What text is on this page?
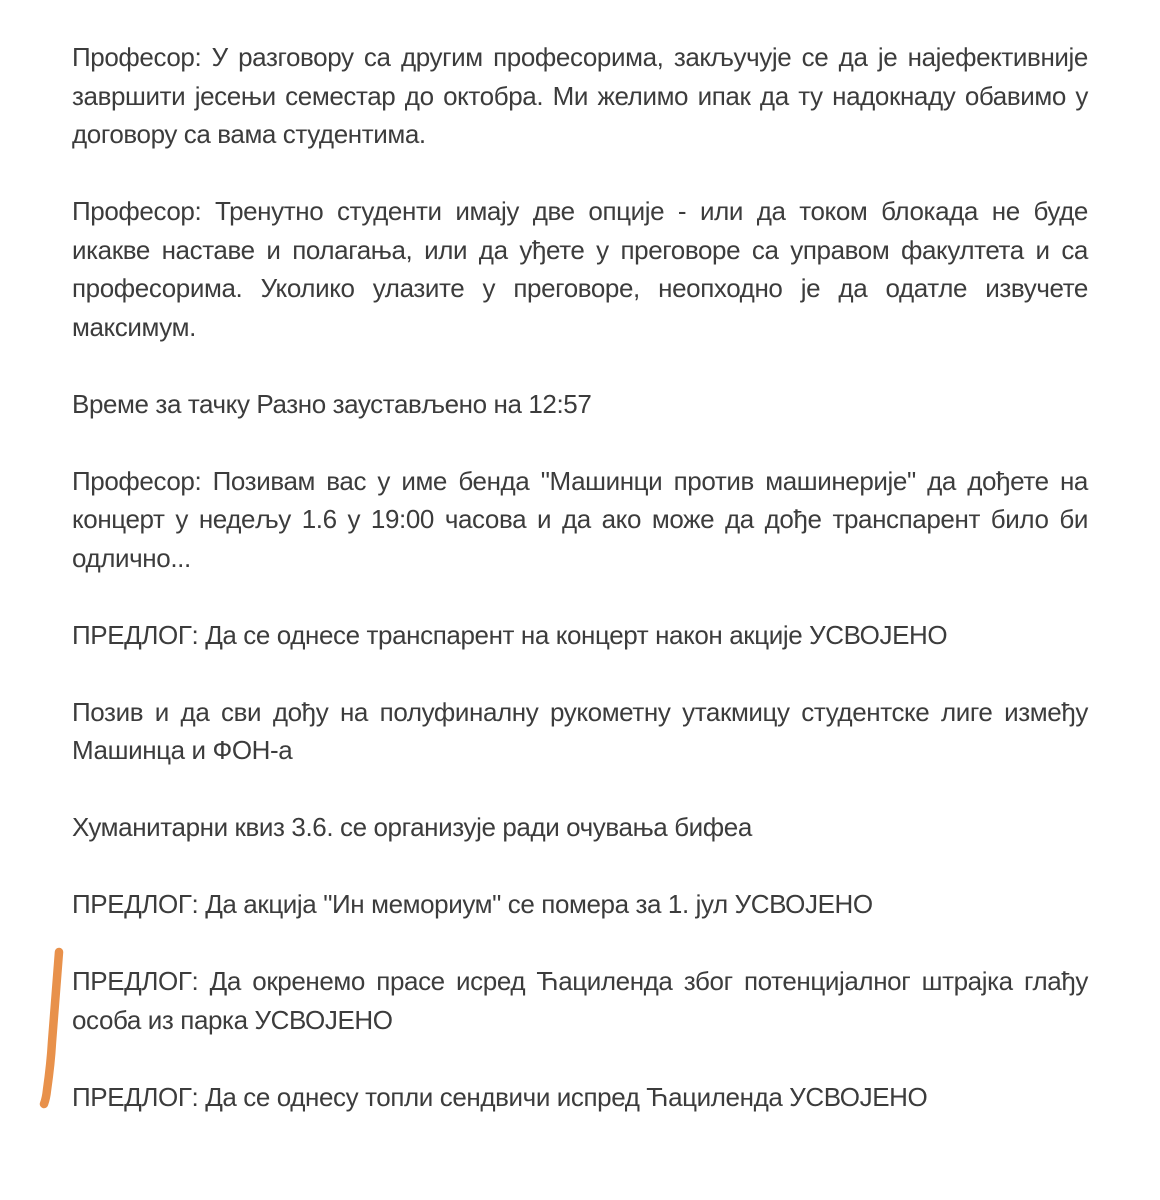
Професор: У разговору са другим професорима, закључује се да је најефективније завршити јесењи семестар до октобра. Ми желимо ипак да ту надокнаду обавимо у договору са вама студентима.

Професор: Тренутно студенти имају две опције - или да током блокада не буде икакве наставе и полагања, или да уђете у преговоре са управом факултета и са професорима. Уколико улазите у преговоре, неопходно је да одатле извучете максимум.

Време за тачку Разно заустављено на 12:57

Професор: Позивам вас у име бенда "Машинци против машинерије" да дођете на концерт у недељу 1.6 у 19:00 часова и да ако може да дође транспарент било би одлично...

ПРЕДЛОГ: Да се однесе транспарент на концерт након акције УСВОЈЕНО

Позив и да сви дођу на полуфиналну рукометну утакмицу студентске лиге између Машинца и ФОН-а

Хуманитарни квиз 3.6. се организује ради очувања бифеа

ПРЕДЛОГ: Да акција "Ин мемориум" се помера за 1. јул УСВОЈЕНО

ПРЕДЛОГ: Да окренемо прасе исред Ћациленда због потенцијалног штрајка глађу особа из парка УСВОЈЕНО

ПРЕДЛОГ: Да се однесу топли сендвичи испред Ћациленда УСВОЈЕНО
